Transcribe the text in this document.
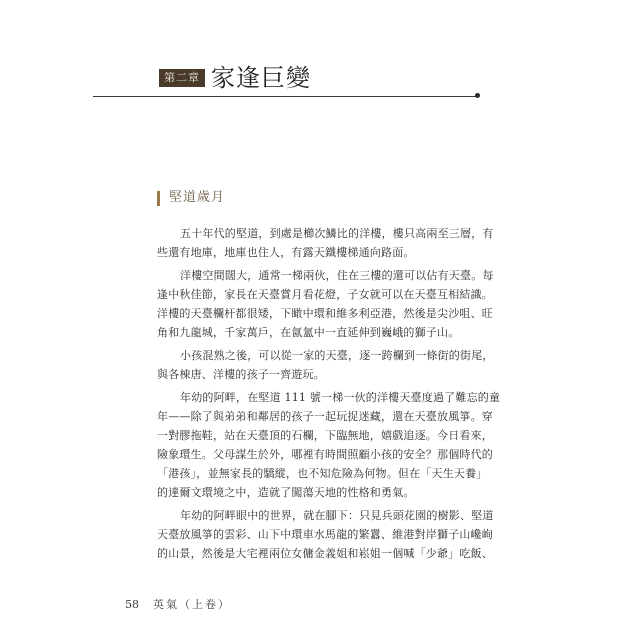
第二章 家逢巨變
堅道歲月
五十年代的堅道，到處是櫛次鱗比的洋樓，樓只高兩至三層，有
些還有地庫，地庫也住人，有露天鐵樓梯通向路面。
洋樓空間闊大，通常一梯兩伙，住在三樓的還可以佔有天臺。每
逢中秋佳節，家長在天臺賞月看花燈，子女就可以在天臺互相結識。
洋樓的天臺欄杆都很矮，下瞰中環和維多利亞港，然後是尖沙咀、旺
角和九龍城，千家萬戶，在氤氳中一直延伸到巍峨的獅子山。
小孩混熟之後，可以從一家的天臺，逐一跨欄到一條街的街尾，
與各棟唐、洋樓的孩子一齊遊玩。
年幼的阿畔，在堅道 111 號一梯一伙的洋樓天臺度過了難忘的童
年——除了與弟弟和鄰居的孩子一起玩捉迷藏，還在天臺放風箏。穿
一對膠拖鞋，站在天臺頂的石欄，下臨無地，嬉戲追逐。今日看來，
險象環生。父母謀生於外，哪裡有時間照顧小孩的安全？那個時代的
「港孩」，並無家長的驕縱，也不知危險為何物。但在「天生天養」
的達爾文環境之中，造就了闖蕩天地的性格和勇氣。
年幼的阿畔眼中的世界，就在腳下：只見兵頭花園的樹影、堅道
天臺放風箏的雲彩、山下中環車水馬龍的繁囂、維港對岸獅子山巉峋
的山景，然後是大宅裡兩位女傭金義姐和崧姐一個喊「少爺」吃飯、
58 英氣（上卷）
